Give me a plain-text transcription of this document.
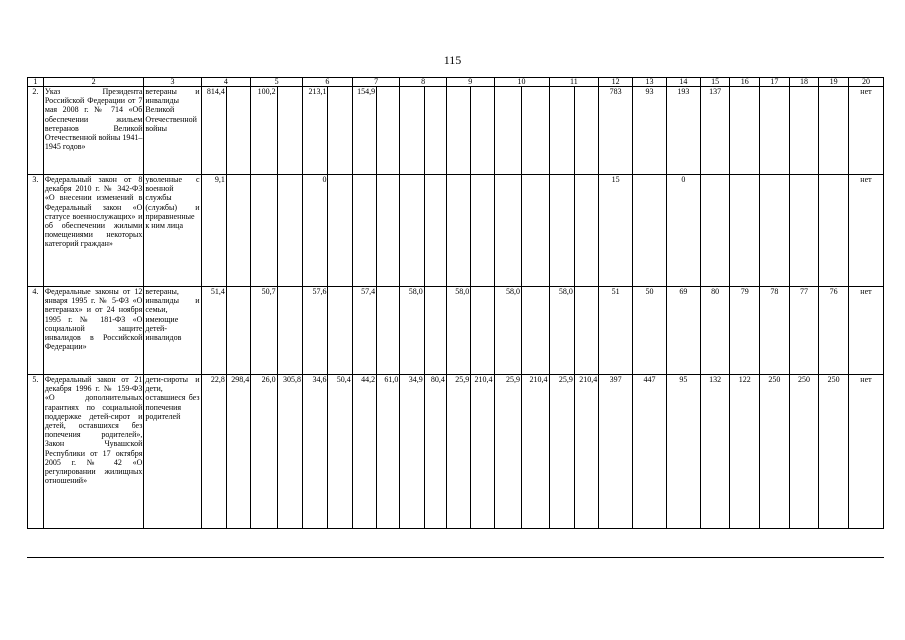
115
1	2	3	4		5		6		7		8		9		10		11		12	13	14	15	16	17	18	19	20
2.	Указ Президента Российской Федерации от 7 мая 2008 г. № 714 «Об обеспечении жильем ветеранов Великой Отечественной войны 1941–1945 годов»	ветераны и инвалиды Великой Отечественной войны	814,4		100,2		213,1		154,9										783	93	193	137					нет
3.	Федеральный закон от 8 декабря 2010 г. № 342-ФЗ «О внесении изменений в Федеральный закон «О статусе военнослужащих» и об обеспечении жилыми помещениями некоторых категорий граждан»	уволенные с военной службы (службы) и приравненные к ним лица	9,1				0												15		0						нет
4.	Федеральные законы от 12 января 1995 г. № 5-ФЗ «О ветеранах» и от 24 ноября 1995 г. № 181-ФЗ «О социальной защите инвалидов в Российской Федерации»	ветераны, инвалиды и семьи, имеющие детей-инвалидов	51,4		50,7		57,6		57,4		58,0		58,0		58,0		58,0		51	50	69	80	79	78	77	76	нет
5.	Федеральный закон от 21 декабря 1996 г. № 159-ФЗ «О дополнительных гарантиях по социальной поддержке детей-сирот и детей, оставшихся без попечения родителей», Закон Чувашской Республики от 17 октября 2005 г. № 42 «О регулировании жилищных отношений»	дети-сироты и дети, оставшиеся без попечения родителей	22,8	298,4	26,0	305,8	34,6	50,4	44,2	61,0	34,9	80,4	25,9	210,4	25,9	210,4	25,9	210,4	397	447	95	132	122	250	250	250	нет
